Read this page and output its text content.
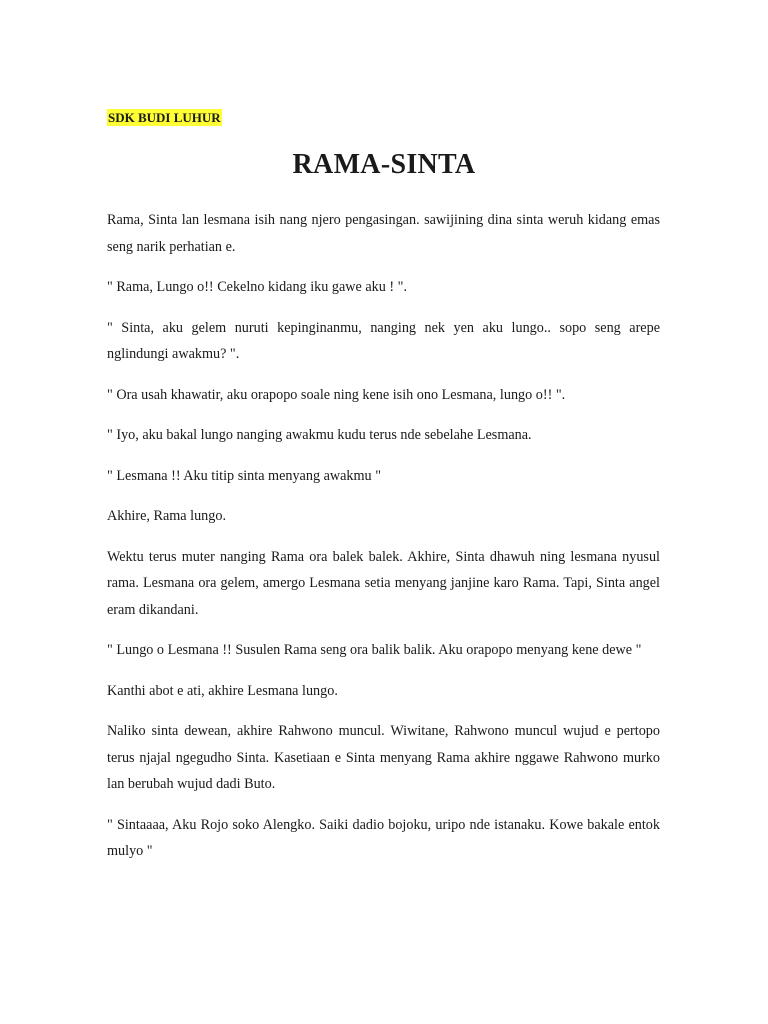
SDK BUDI LUHUR
RAMA-SINTA

Rama, Sinta lan lesmana isih nang njero pengasingan. sawijining dina sinta weruh kidang emas seng narik perhatian e.

" Rama, Lungo o!! Cekelno kidang iku gawe aku ! ".

" Sinta, aku gelem nuruti kepinginanmu, nanging nek yen aku lungo.. sopo seng arepe nglindungi awakmu? ".

" Ora usah khawatir, aku orapopo soale ning kene isih ono Lesmana, lungo o!! ".

" Iyo, aku bakal lungo nanging awakmu kudu terus nde sebelahe Lesmana.

" Lesmana !! Aku titip sinta menyang awakmu "

Akhire, Rama lungo.

Wektu terus muter nanging Rama ora balek balek. Akhire, Sinta dhawuh ning lesmana nyusul rama. Lesmana ora gelem, amergo Lesmana setia menyang janjine karo Rama. Tapi, Sinta angel eram dikandani.

" Lungo o Lesmana !! Susulen Rama seng ora balik balik. Aku orapopo menyang kene dewe "

Kanthi abot e ati, akhire Lesmana lungo.

Naliko sinta dewean, akhire Rahwono muncul. Wiwitane, Rahwono muncul wujud e pertopo terus njajal ngegudho Sinta. Kasetiaan e Sinta menyang Rama akhire nggawe Rahwono murko lan berubah wujud dadi Buto.

" Sintaaaa, Aku Rojo soko Alengko. Saiki dadio bojoku, uripo nde istanaku. Kowe bakale entok mulyo "
